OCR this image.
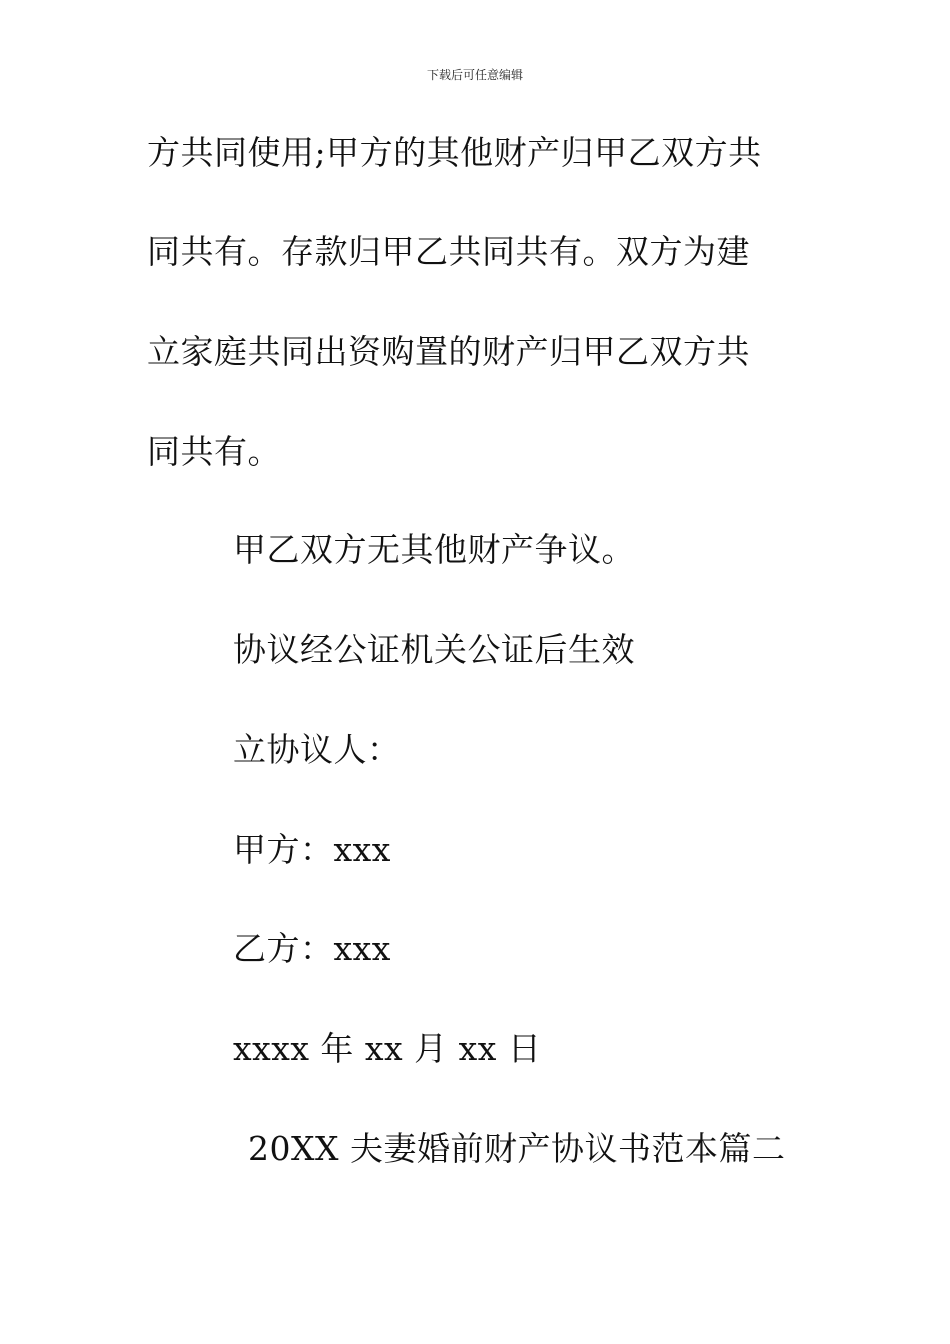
下载后可任意编辑
方共同使用;甲方的其他财产归甲乙双方共
同共有。存款归甲乙共同共有。双方为建
立家庭共同出资购置的财产归甲乙双方共
同共有。
甲乙双方无其他财产争议。
协议经公证机关公证后生效
立协议人：
甲方：xxx
乙方：xxx
xxxx 年 xx 月 xx 日
20XX 夫妻婚前财产协议书范本篇二
